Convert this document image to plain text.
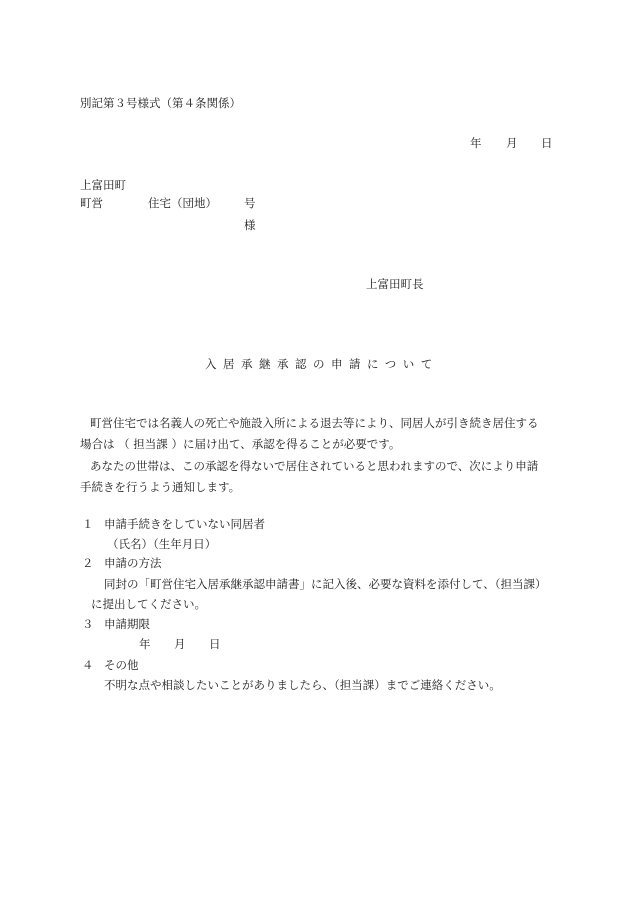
別記第３号様式（第４条関係）
年 月 日
上富田町
町営	住宅（団地） 号
様
上富田町長
入居承継承認の申請について
町営住宅では名義人の死亡や施設入所による退去等により、同居人が引き続き居住する
場合は （ 担当課 ）に届け出て、承認を得ることが必要です。
あなたの世帯は、この承認を得ないで居住されていると思われますので、次により申請
手続きを行うよう通知します。
１ 申請手続きをしていない同居者
（氏名）（生年月日）
２ 申請の方法
同封の「町営住宅入居承継承認申請書」に記入後、必要な資料を添付して、（担当課）
に提出してください。
３ 申請期限
年 月 日
４ その他
不明な点や相談したいことがありましたら、（担当課）までご連絡ください。
